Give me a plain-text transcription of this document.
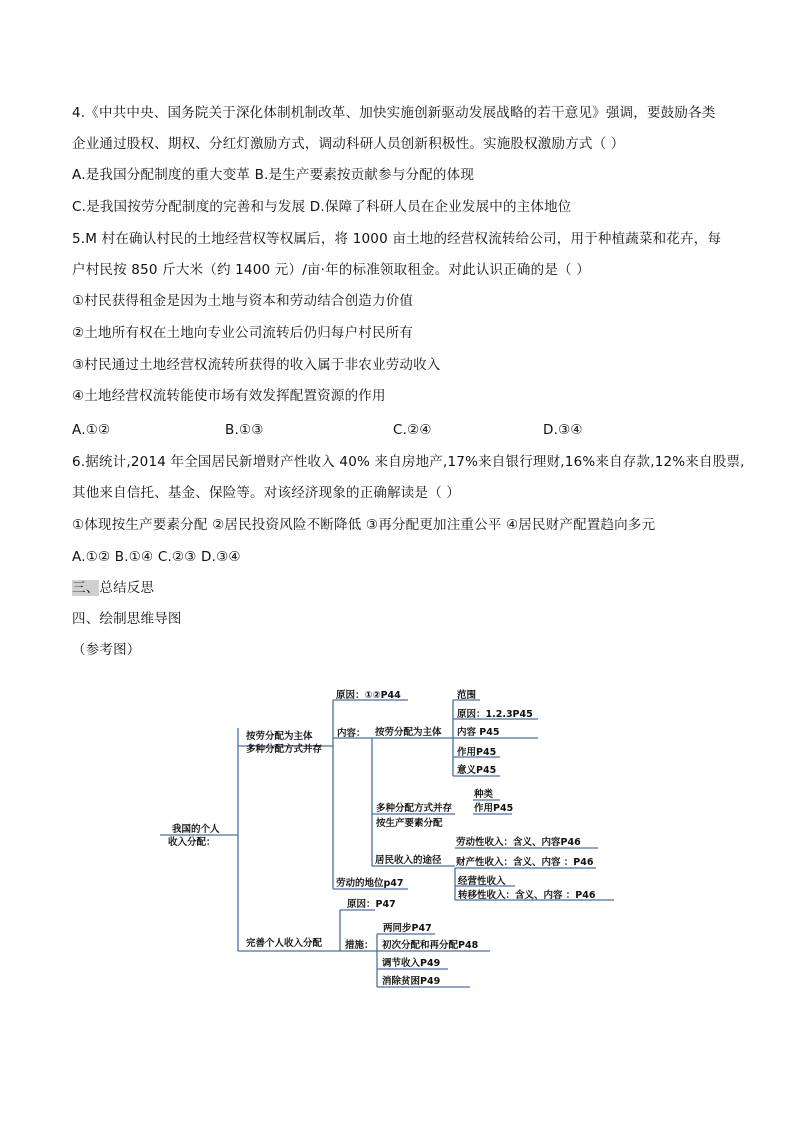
4.《中共中央、国务院关于深化体制机制改革、加快实施创新驱动发展战略的若干意见》强调，要鼓励各类
企业通过股权、期权、分红灯激励方式，调动科研人员创新积极性。实施股权激励方式（ ）
A.是我国分配制度的重大变革 B.是生产要素按贡献参与分配的体现
C.是我国按劳分配制度的完善和与发展 D.保障了科研人员在企业发展中的主体地位
5.M 村在确认村民的土地经营权等权属后，将 1000 亩土地的经营权流转给公司，用于种植蔬菜和花卉，每
户村民按 850 斤大米（约 1400 元）/亩·年的标准领取租金。对此认识正确的是（ ）
①村民获得租金是因为土地与资本和劳动结合创造力价值
②土地所有权在土地向专业公司流转后仍归每户村民所有
③村民通过土地经营权流转所获得的收入属于非农业劳动收入
④土地经营权流转能使市场有效发挥配置资源的作用
A.①②	B.①③	C.②④	D.③④
6.据统计,2014 年全国居民新增财产性收入 40% 来自房地产,17%来自银行理财,16%来自存款,12%来自股票,
其他来自信托、基金、保险等。对该经济现象的正确解读是（ ）
①体现按生产要素分配 ②居民投资风险不断降低 ③再分配更加注重公平 ④居民财产配置趋向多元
A.①② B.①④ C.②③ D.③④
三、总结反思
四、绘制思维导图
（参考图）
我国的个人
收入分配：
按劳分配为主体
多种分配方式并存
原因：①②P44
内容： 按劳分配为主体
范围
原因：1.2.3P45
内容 P45
作用P45
意义P45
种类
多种分配方式并存 作用P45
按生产要素分配
劳动性收入：含义、内容P46
居民收入的途径 财产性收入：含义、内容 ：P46
经营性收入
劳动的地位p47
转移性收入：含义、内容 ：P46
原因：P47
两同步P47
完善个人收入分配 措施： 初次分配和再分配P48
调节收入P49
消除贫困P49
